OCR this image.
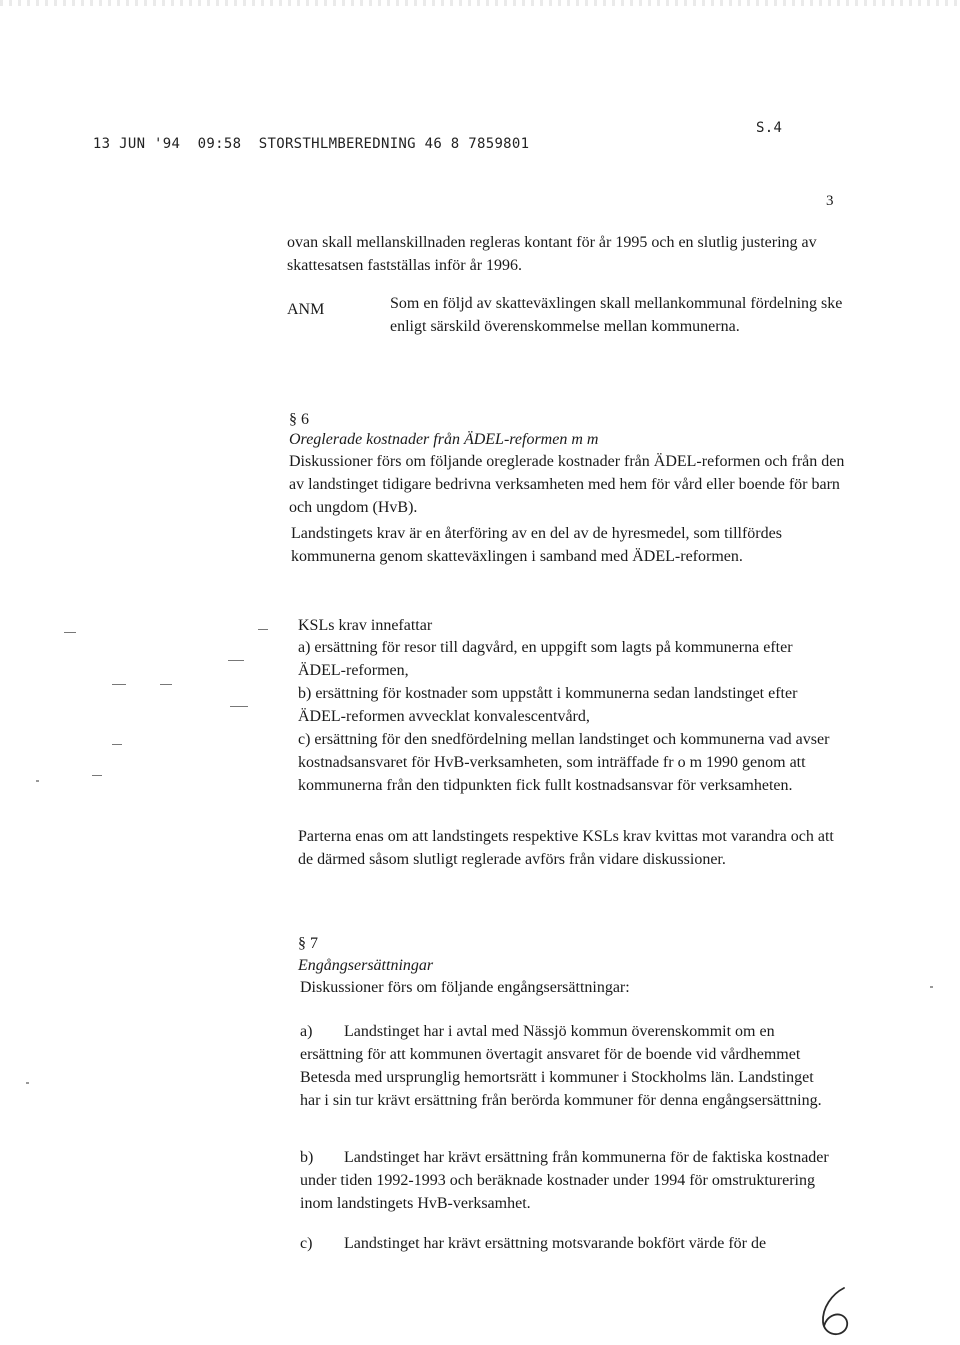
13 JUN '94  09:58  STORSTHLMBEREDNING 46 8 7859801

S.4

3
ovan skall mellanskillnaden regleras kontant för år 1995 och en slutlig justering av skattesatsen fastställas inför år 1996.
ANM	Som en följd av skatteväxlingen skall mellankommunal fördelning ske enligt särskild överenskommelse mellan kommunerna.
§ 6
Oreglerade kostnader från ÄDEL-reformen m m
Diskussioner förs om följande oreglerade kostnader från ÄDEL-reformen och från den av landstinget tidigare bedrivna verksamheten med hem för vård eller boende för barn och ungdom (HvB).
Landstingets krav är en återföring av en del av de hyresmedel, som tillfördes kommunerna genom skatteväxlingen i samband med ÄDEL-reformen.
KSLs krav innefattar
a) ersättning för resor till dagvård, en uppgift som lagts på kommunerna efter ÄDEL-reformen,
b) ersättning för kostnader som uppstått i kommunerna sedan landstinget efter ÄDEL-reformen avvecklat konvalescentvård,
c) ersättning för den snedfördelning mellan landstinget och kommunerna vad avser kostnadsansvaret för HvB-verksamheten, som inträffade fr o m 1990 genom att kommunerna från den tidpunkten fick fullt kostnadsansvar för verksamheten.
Parterna enas om att landstingets respektive KSLs krav kvittas mot varandra och att de därmed såsom slutligt reglerade avförs från vidare diskussioner.
§ 7
Engångsersättningar
Diskussioner förs om följande engångsersättningar:
a) Landstinget har i avtal med Nässjö kommun överenskommit om en ersättning för att kommunen övertagit ansvaret för de boende vid vårdhemmet Betesda med ursprunglig hemortsrätt i kommuner i Stockholms län. Landstinget har i sin tur krävt ersättning från berörda kommuner för denna engångsersättning.
b) Landstinget har krävt ersättning från kommunerna för de faktiska kostnader under tiden 1992-1993 och beräknade kostnader under 1994 för omstrukturering inom landstingets HvB-verksamhet.
c) Landstinget har krävt ersättning motsvarande bokfört värde för de
